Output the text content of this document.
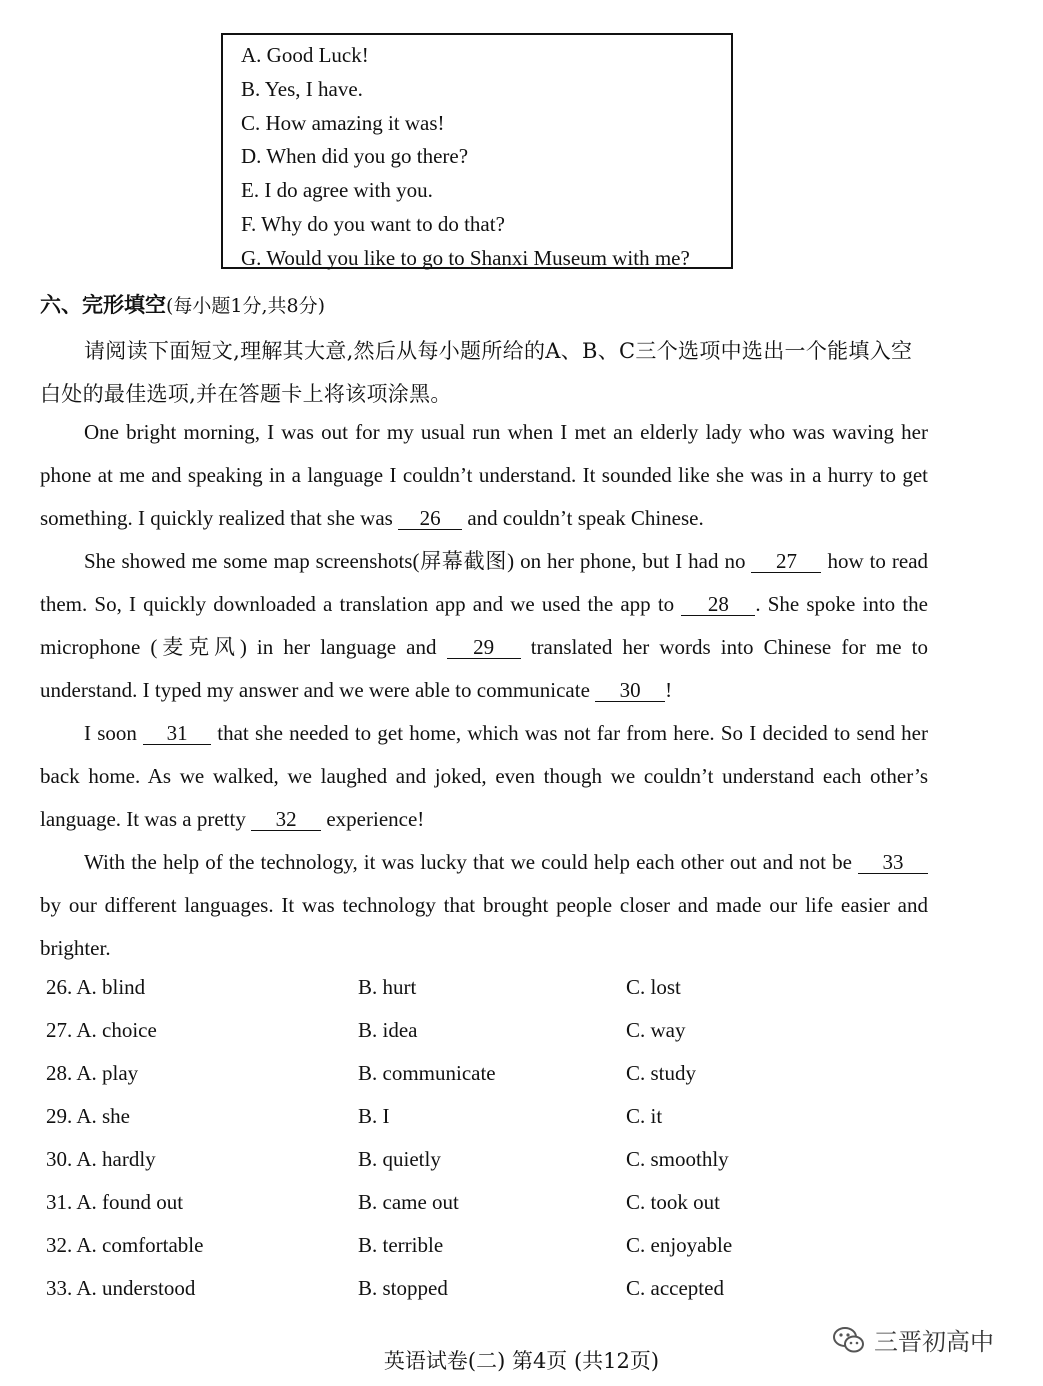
A. Good Luck!
B. Yes, I have.
C. How amazing it was!
D. When did you go there?
E. I do agree with you.
F. Why do you want to do that?
G. Would you like to go to Shanxi Museum with me?
六、完形填空(每小题1分,共8分)
请阅读下面短文,理解其大意,然后从每小题所给的A、B、C三个选项中选出一个能填入空白处的最佳选项,并在答题卡上将该项涂黑。

One bright morning, I was out for my usual run when I met an elderly lady who was waving her phone at me and speaking in a language I couldn’t understand. It sounded like she was in a hurry to get something. I quickly realized that she was 26 and couldn’t speak Chinese.

She showed me some map screenshots(屏幕截图) on her phone, but I had no 27 how to read them. So, I quickly downloaded a translation app and we used the app to 28 . She spoke into the microphone (麦克风) in her language and 29 translated her words into Chinese for me to understand. I typed my answer and we were able to communicate 30 !

I soon 31 that she needed to get home, which was not far from here. So I decided to send her back home. As we walked, we laughed and joked, even though we couldn’t understand each other’s language. It was a pretty 32 experience!

With the help of the technology, it was lucky that we could help each other out and not be 33 by our different languages. It was technology that brought people closer and made our life easier and brighter.

26. A. blind	B. hurt	C. lost
27. A. choice	B. idea	C. way
28. A. play	B. communicate	C. study
29. A. she	B. I	C. it
30. A. hardly	B. quietly	C. smoothly
31. A. found out	B. came out	C. took out
32. A. comfortable	B. terrible	C. enjoyable
33. A. understood	B. stopped	C. accepted
英语试卷(二) 第4页 (共12页)
三晋初高中
